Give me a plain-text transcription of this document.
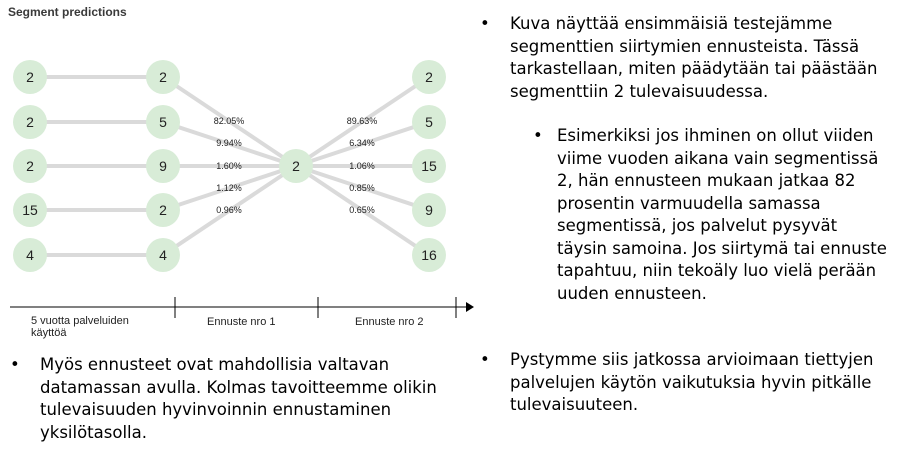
82.05%
9.94%
1.60%
1.12%
0.96%
89.63%
6.34%
1.06%
0.85%
0.65%
2
2
2
15
4
2
5
9
2
4
2
2
5
15
9
16
Segment predictions
5 vuotta palveluiden käyttöä
Ennuste nro 1	Ennuste nro 2
• Kuva näyttää ensimmäisiä testejämme segmenttien siirtymien ennusteista. Tässä tarkastellaan, miten päädytään tai päästään segmenttiin 2 tulevaisuudessa.
• Esimerkiksi jos ihminen on ollut viiden viime vuoden aikana vain segmentissä 2, hän ennusteen mukaan jatkaa 82 prosentin varmuudella samassa segmentissä, jos palvelut pysyvät täysin samoina. Jos siirtymä tai ennuste tapahtuu, niin tekoäly luo vielä perään uuden ennusteen.
• Pystymme siis jatkossa arvioimaan tiettyjen palvelujen käytön vaikutuksia hyvin pitkälle tulevaisuuteen.
• Myös ennusteet ovat mahdollisia valtavan datamassan avulla. Kolmas tavoitteemme olikin tulevaisuuden hyvinvoinnin ennustaminen yksilötasolla.
